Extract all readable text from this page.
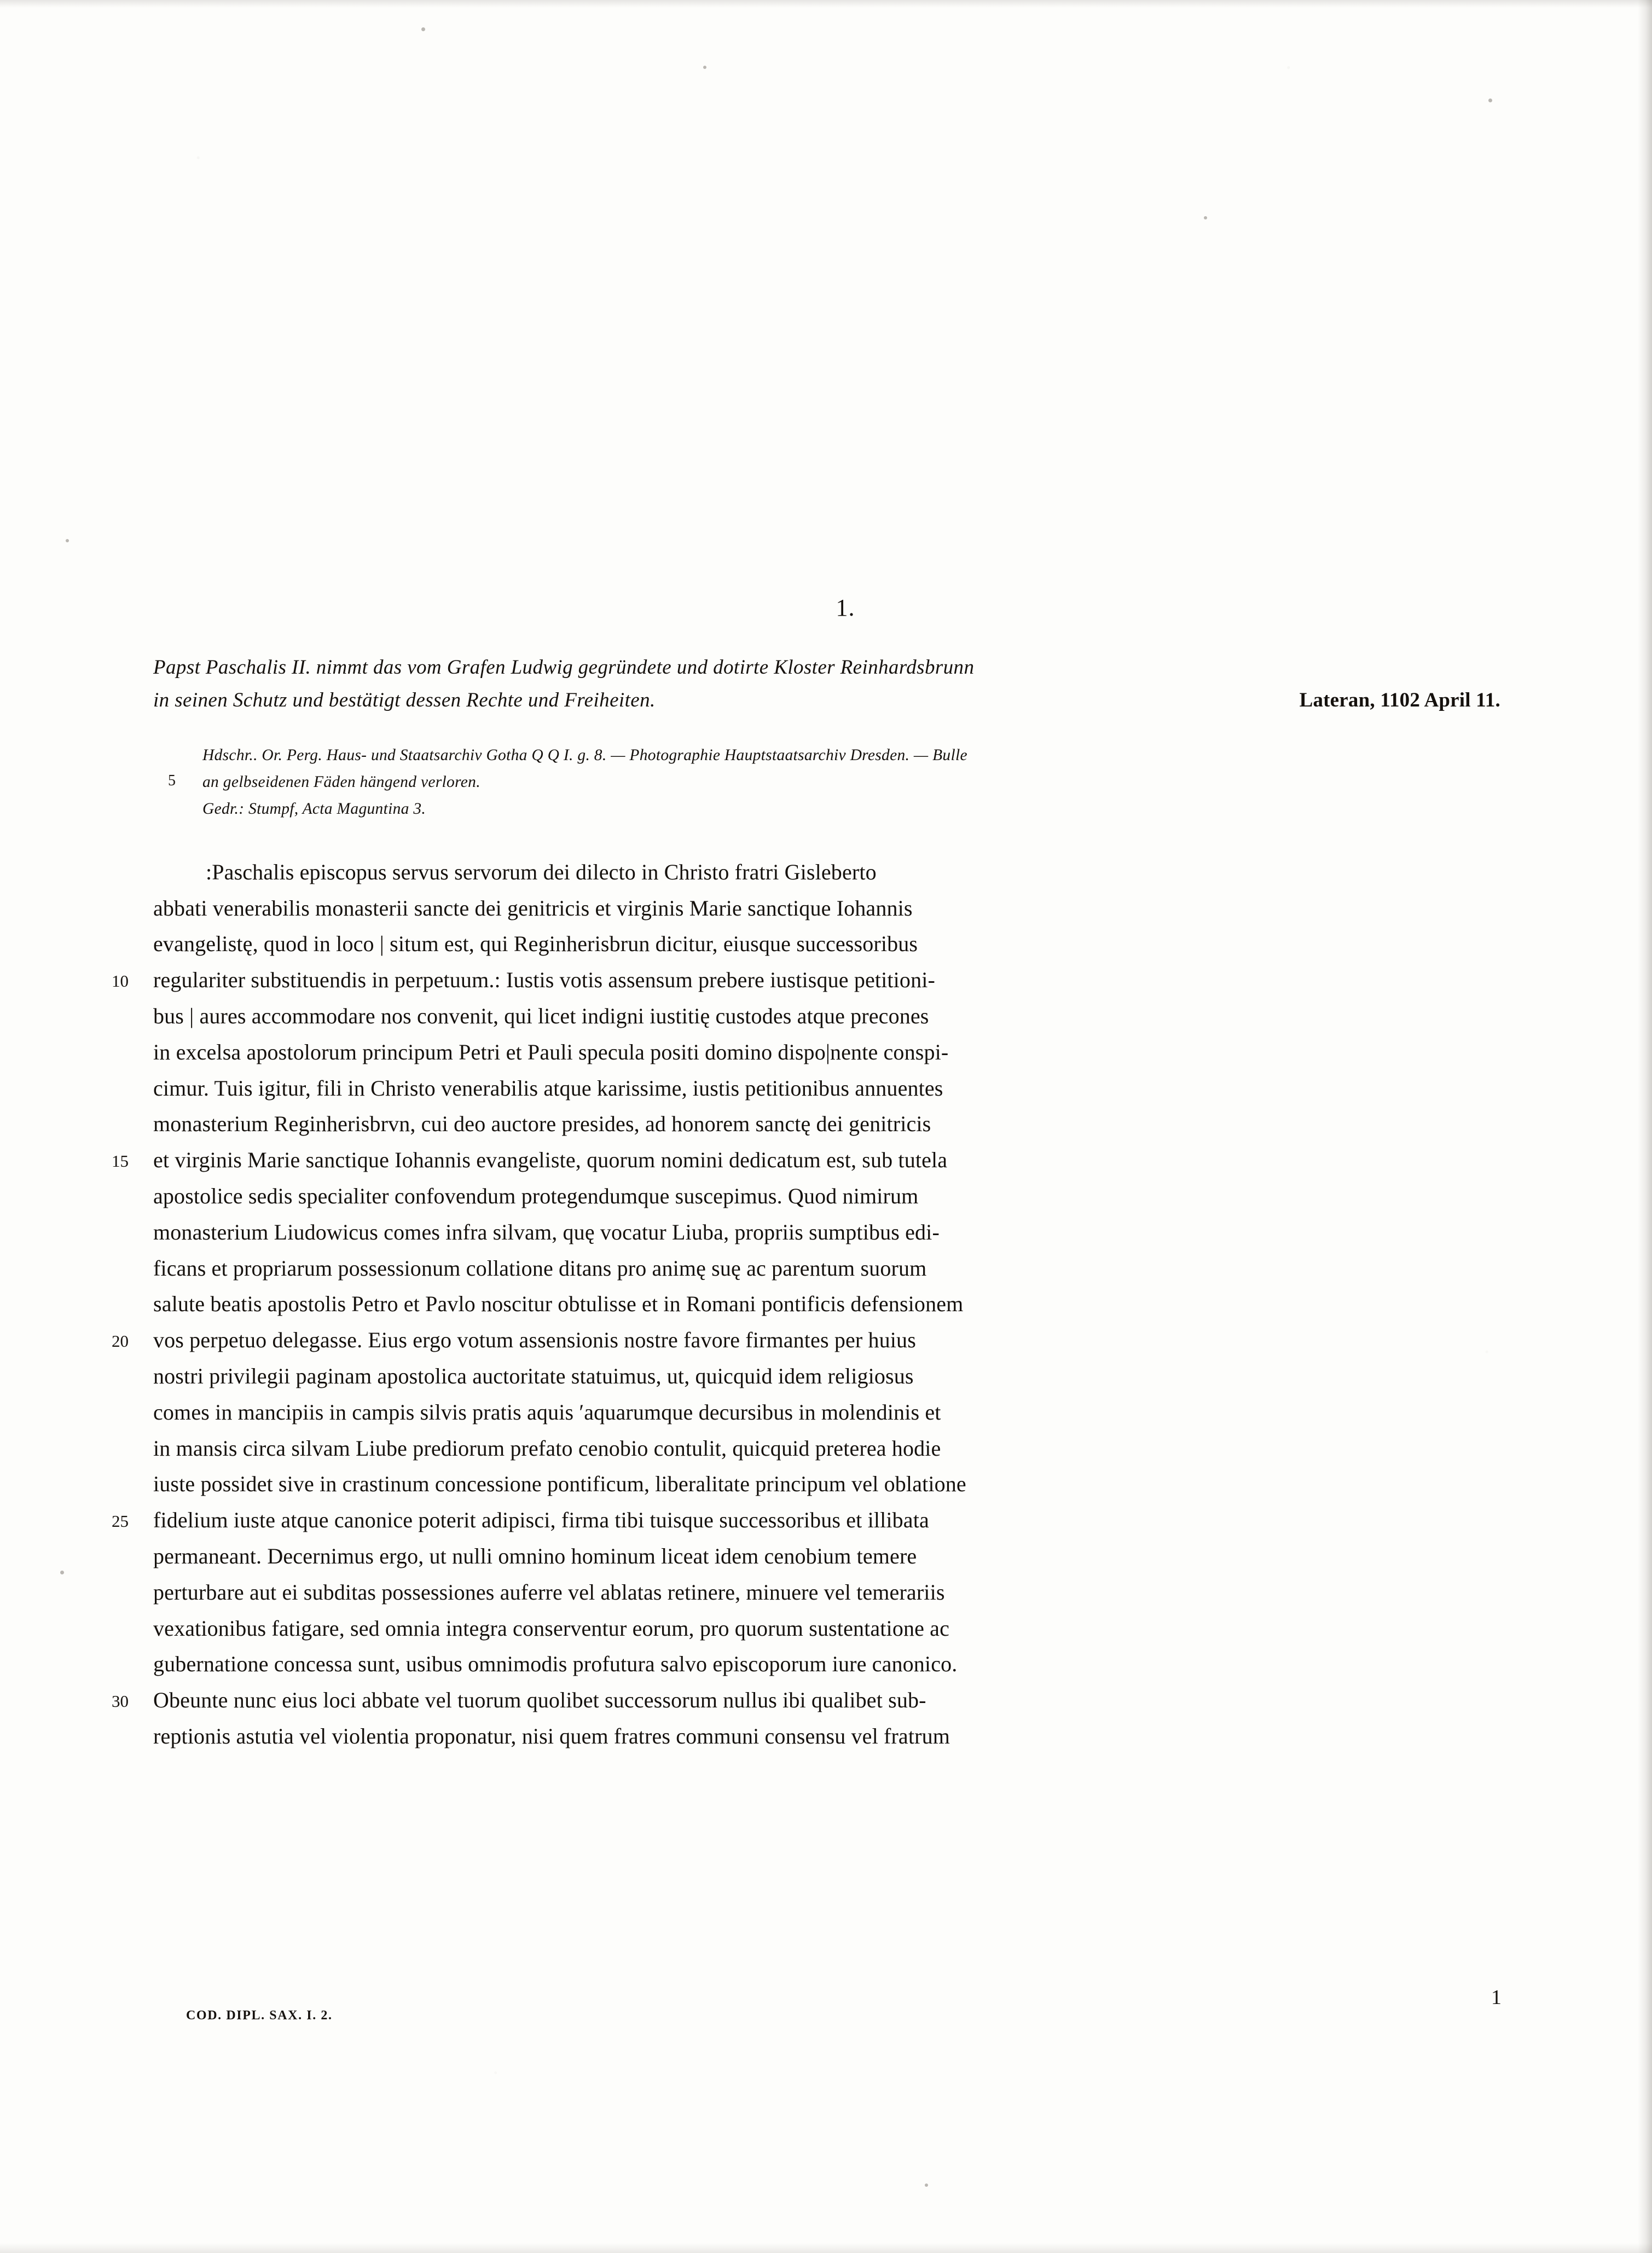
1.
Papst Paschalis II. nimmt das vom Grafen Ludwig gegründete und dotirte Kloster Reinhardsbrunn
in seinen Schutz und bestätigt dessen Rechte und Freiheiten.	Lateran, 1102 April 11.
5
Hdschr.. Or. Perg. Haus- und Staatsarchiv Gotha Q Q I. g. 8. — Photographie Hauptstaatsarchiv Dresden. — Bulle
an gelbseidenen Fäden hängend verloren.
Gedr.: Stumpf, Acta Maguntina 3.
:Paschalis episcopus servus servorum dei dilecto in Christo fratri Gisleberto
abbati venerabilis monasterii sancte dei genitricis et virginis Marie sanctique Iohannis
evangelistę, quod in loco | situm est, qui Reginherisbrun dicitur, eiusque successoribus
10 regulariter substituendis in perpetuum.: Iustis votis assensum prebere iustisque petitioni-
bus | aures accommodare nos convenit, qui licet indigni iustitię custodes atque precones
in excelsa apostolorum principum Petri et Pauli specula positi domino dispo|nente conspi-
cimur. Tuis igitur, fili in Christo venerabilis atque karissime, iustis petitionibus annuentes
monasterium Reginherisbrvn, cui deo auctore presides, ad honorem sanctę dei genitricis
15 et virginis Marie sanctique Iohannis evangeliste, quorum nomini dedicatum est, sub tutela
apostolice sedis specialiter confovendum protegendumque suscepimus. Quod nimirum
monasterium Liudowicus comes infra silvam, quę vocatur Liuba, propriis sumptibus edi-
ficans et propriarum possessionum collatione ditans pro animę suę ac parentum suorum
salute beatis apostolis Petro et Pavlo noscitur obtulisse et in Romani pontificis defensionem
20 vos perpetuo delegasse. Eius ergo votum assensionis nostre favore firmantes per huius
nostri privilegii paginam apostolica auctoritate statuimus, ut, quicquid idem religiosus
comes in mancipiis in campis silvis pratis aquis ′aquarumque decursibus in molendinis et
in mansis circa silvam Liube prediorum prefato cenobio contulit, quicquid preterea hodie
iuste possidet sive in crastinum concessione pontificum, liberalitate principum vel oblatione
25 fidelium iuste atque canonice poterit adipisci, firma tibi tuisque successoribus et illibata
permaneant. Decernimus ergo, ut nulli omnino hominum liceat idem cenobium temere
perturbare aut ei subditas possessiones auferre vel ablatas retinere, minuere vel temerariis
vexationibus fatigare, sed omnia integra conserventur eorum, pro quorum sustentatione ac
gubernatione concessa sunt, usibus omnimodis profutura salvo episcoporum iure canonico.
30 Obeunte nunc eius loci abbate vel tuorum quolibet successorum nullus ibi qualibet sub-
reptionis astutia vel violentia proponatur, nisi quem fratres communi consensu vel fratrum
COD. DIPL. SAX. I. 2.
1
